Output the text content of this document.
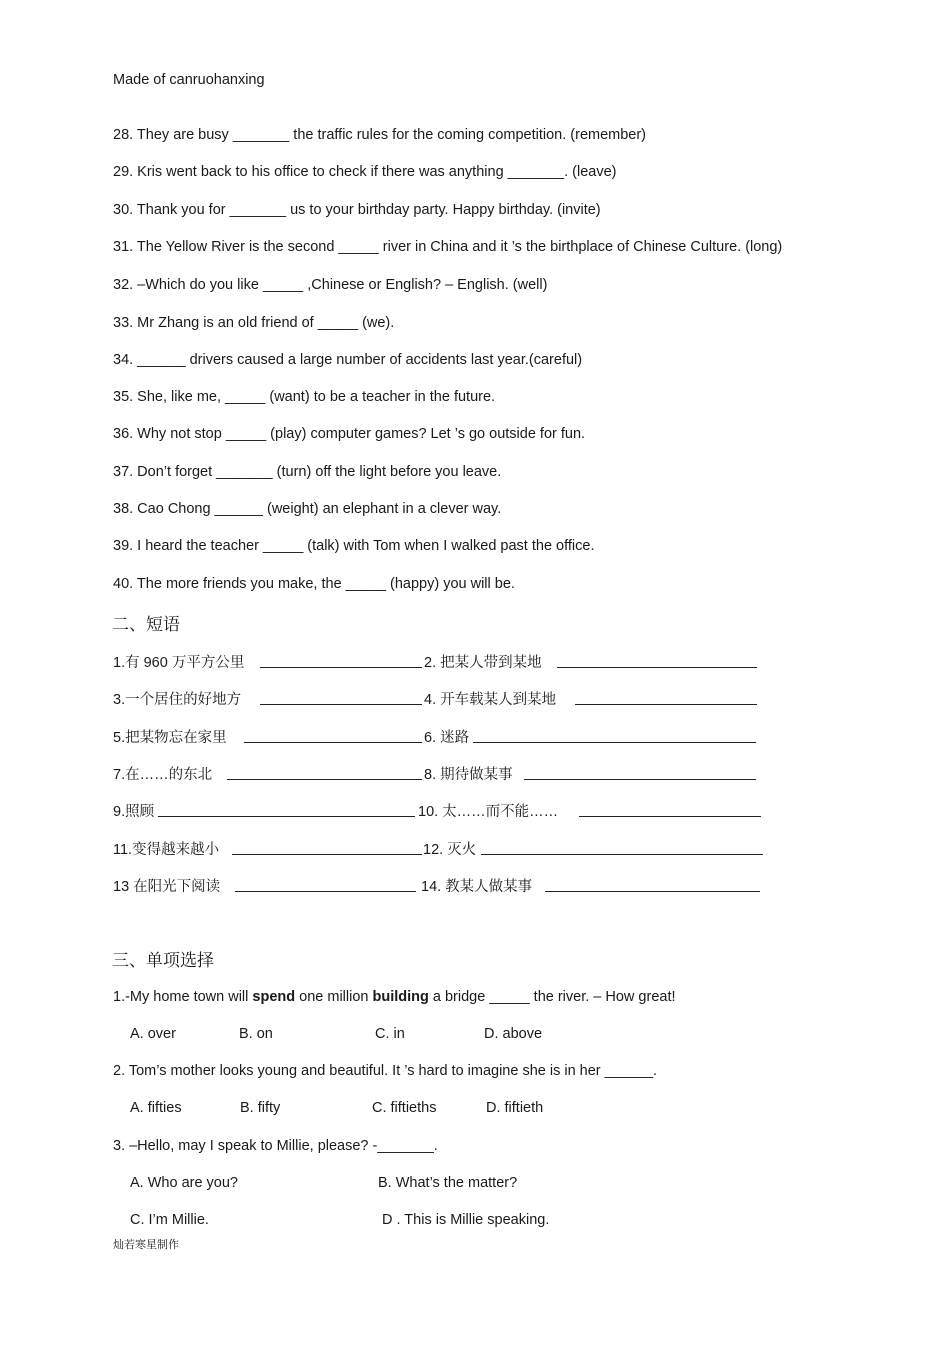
Made of canruohanxing
28. They are busy _______ the traffic rules for the coming competition. (remember)
29. Kris went back to his office to check if there was anything _______. (leave)
30. Thank you for _______ us to your birthday party. Happy birthday. (invite)
31. The Yellow River is the second _____ river in China and it ’s the birthplace of Chinese Culture. (long)
32. –Which do you like _____ ,Chinese or English? – English. (well)
33. Mr Zhang is an old friend of _____ (we).
34. ______ drivers caused a large number of accidents last year.(careful)
35. She, like me, _____ (want) to be a teacher in the future.
36. Why not stop _____ (play) computer games? Let ’s go outside for fun.
37. Don’t forget _______ (turn) off the light before you leave.
38. Cao Chong ______ (weight) an elephant in a clever way.
39. I heard the teacher _____ (talk) with Tom when I walked past the office.
40. The more friends you make, the _____ (happy) you will be.
二、短语
1.有 960 万平方公里	2. 把某人带到某地
3.一个居住的好地方	4. 开车载某人到某地
5.把某物忘在家里	6. 迷路
7.在……的东北	8. 期待做某事
9.照顾	10. 太……而不能……
11.变得越来越小	12. 灭火
13 在阳光下阅读	14. 教某人做某事
三、单项选择
1.-My home town will spend one million building a bridge _____ the river. – How great!
A. over	B. on	C. in	D. above
2. Tom’s mother looks young and beautiful. It ’s hard to imagine she is in her ______.
A. fifties	B. fifty	C. fiftieths	D. fiftieth
3. –Hello, may I speak to Millie, please? -_______.
A. Who are you?	B. What’s the matter?
C. I’m Millie.	D . This is Millie speaking.
灿若寒星制作
